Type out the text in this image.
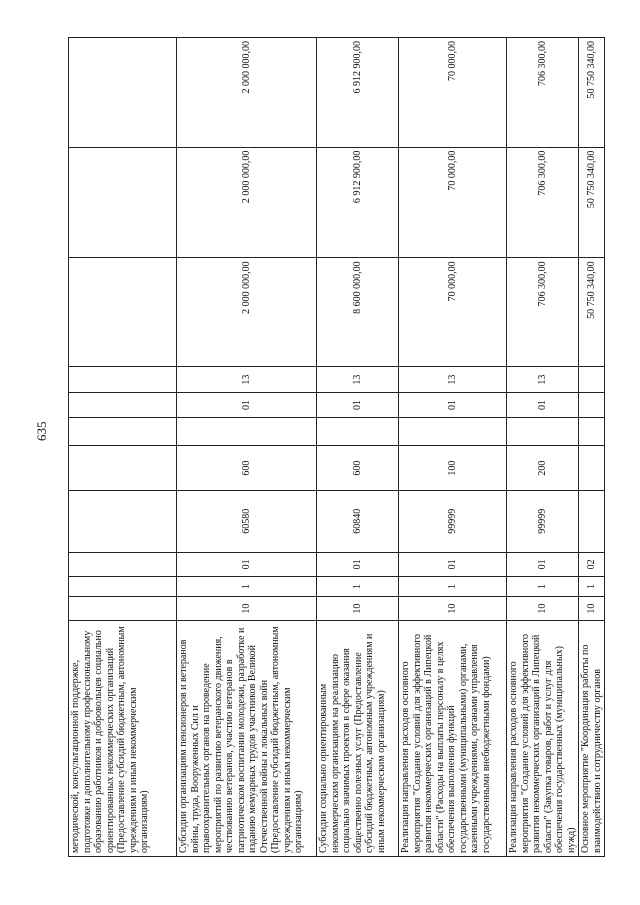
635
методической, консультационной поддержке, подготовке и дополнительному профессиональному образованию работников и добровольцев социально ориентированных некоммерческих организаций (Предоставление субсидий бюджетным, автономным учреждениям и иным некоммерческим организациям)											
Субсидии организациям пенсионеров и ветеранов войны, труда, Вооруженных Сил и правоохранительных органов на проведение мероприятий по развитию ветеранского движения, чествованию ветеранов, участию ветеранов в патриотическом воспитании молодежи, разработке и изданию мемуарных трудов участников Великой Отечественной войны и локальных войн (Предоставление субсидий бюджетным, автономным учреждениям и иным некоммерческим организациям)	10	1	01	60580	600		01	13	2 000 000,00	2 000 000,00	2 000 000,00
Субсидии социально ориентированным некоммерческим организациям на реализацию социально значимых проектов в сфере оказания общественно полезных услуг (Предоставление субсидий бюджетным, автономным учреждениям и иным некоммерческим организациям)	10	1	01	60840	600		01	13	8 600 000,00	6 912 900,00	6 912 900,00
Реализация направления расходов основного мероприятия "Создание условий для эффективного развития некоммерческих организаций в Липецкой области" (Расходы на выплаты персоналу в целях обеспечения выполнения функций государственными (муниципальными) органами, казенными учреждениями, органами управления государственными внебюджетными фондами)	10	1	01	99999	100		01	13	70 000,00	70 000,00	70 000,00
Реализация направления расходов основного мероприятия "Создание условий для эффективного развития некоммерческих организаций в Липецкой области" (Закупка товаров, работ и услуг для обеспечения государственных (муниципальных) нужд)	10	1	01	99999	200		01	13	706 300,00	706 300,00	706 300,00
Основное мероприятие "Координация работы по взаимодействию и сотрудничеству органов	10	1	02						50 750 340,00	50 750 340,00	50 750 340,00
